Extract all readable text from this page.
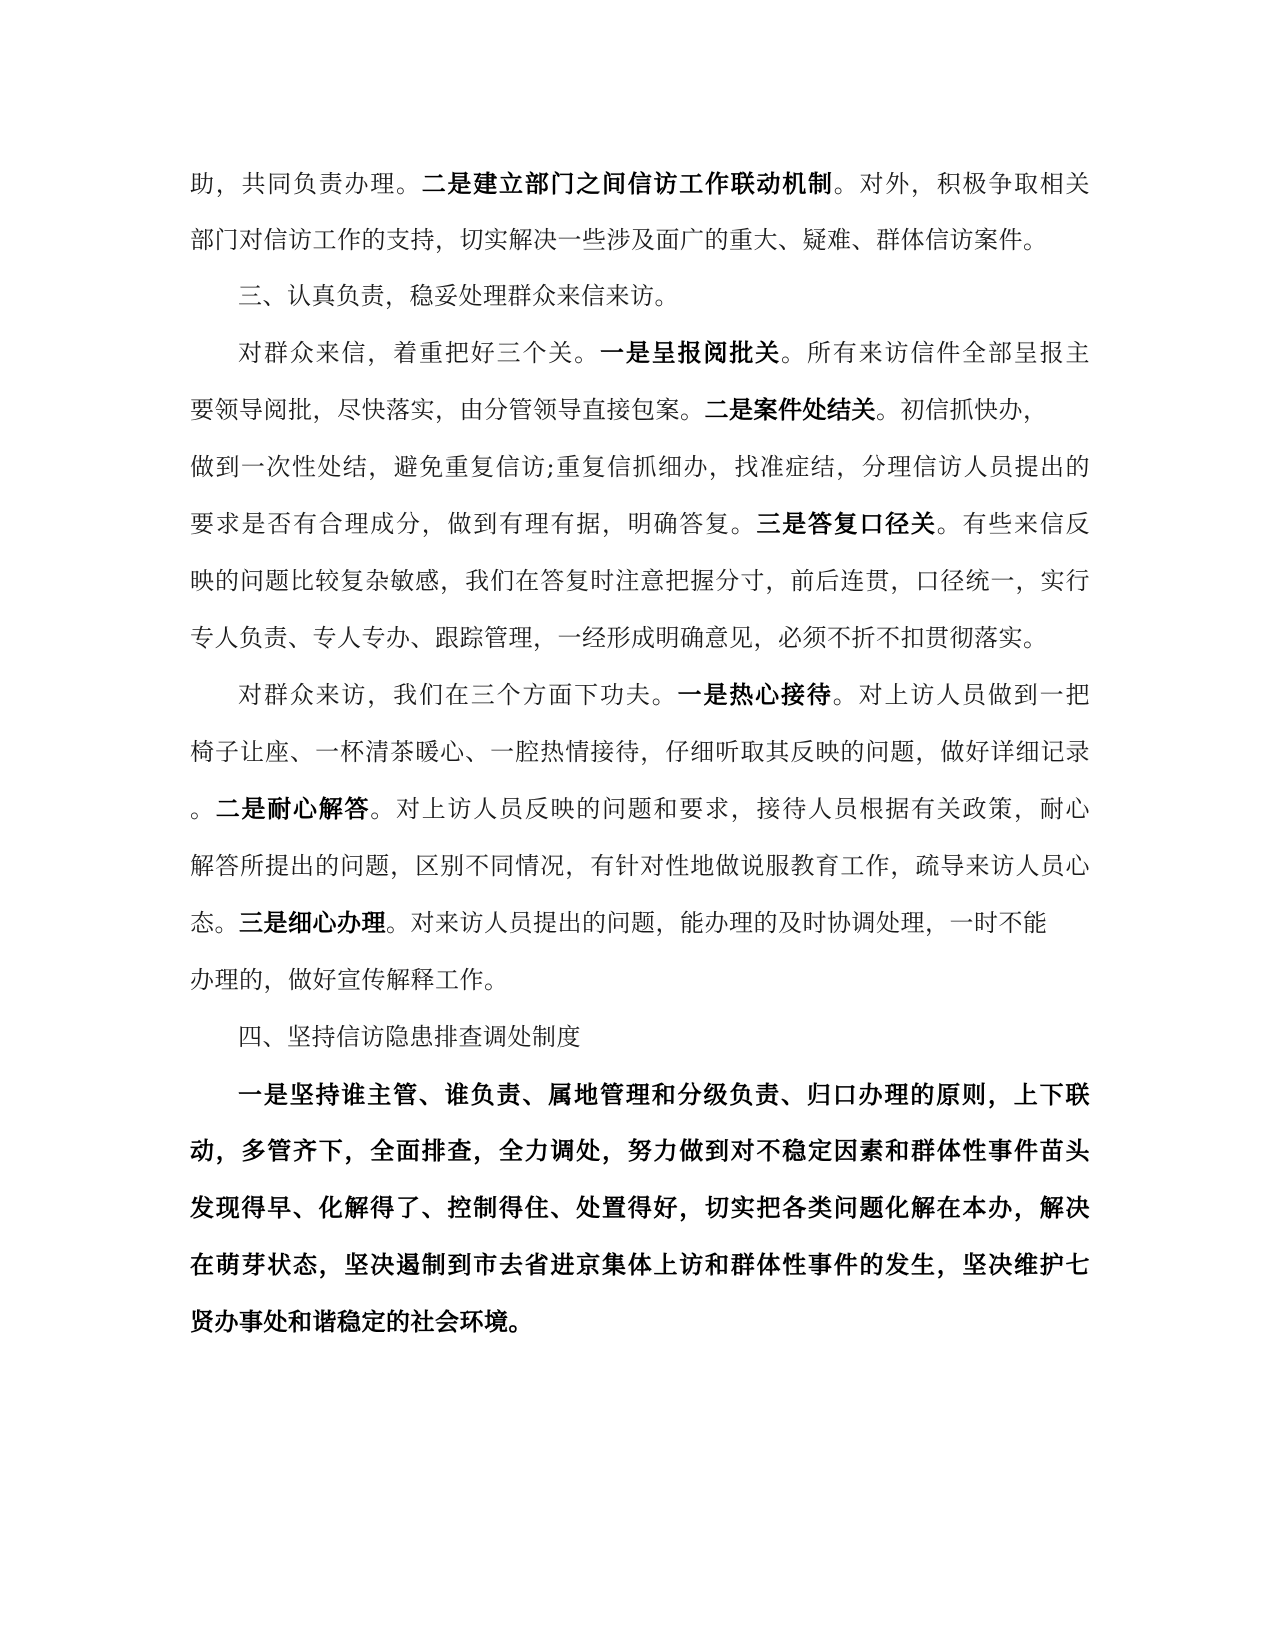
助，共同负责办理。二是建立部门之间信访工作联动机制。对外，积极争取相关
部门对信访工作的支持，切实解决一些涉及面广的重大、疑难、群体信访案件。
三、认真负责，稳妥处理群众来信来访。
对群众来信，着重把好三个关。一是呈报阅批关。所有来访信件全部呈报主
要领导阅批，尽快落实，由分管领导直接包案。二是案件处结关。初信抓快办，
做到一次性处结，避免重复信访;重复信抓细办，找准症结，分理信访人员提出的
要求是否有合理成分，做到有理有据，明确答复。三是答复口径关。有些来信反
映的问题比较复杂敏感，我们在答复时注意把握分寸，前后连贯，口径统一，实行
专人负责、专人专办、跟踪管理，一经形成明确意见，必须不折不扣贯彻落实。
对群众来访，我们在三个方面下功夫。一是热心接待。对上访人员做到一把
椅子让座、一杯清茶暖心、一腔热情接待，仔细听取其反映的问题，做好详细记录
。二是耐心解答。对上访人员反映的问题和要求，接待人员根据有关政策，耐心
解答所提出的问题，区别不同情况，有针对性地做说服教育工作，疏导来访人员心
态。三是细心办理。对来访人员提出的问题，能办理的及时协调处理，一时不能
办理的，做好宣传解释工作。
四、坚持信访隐患排查调处制度
一是坚持谁主管、谁负责、属地管理和分级负责、归口办理的原则，上下联
动，多管齐下，全面排查，全力调处，努力做到对不稳定因素和群体性事件苗头
发现得早、化解得了、控制得住、处置得好，切实把各类问题化解在本办，解决
在萌芽状态，坚决遏制到市去省进京集体上访和群体性事件的发生，坚决维护七
贤办事处和谐稳定的社会环境。
